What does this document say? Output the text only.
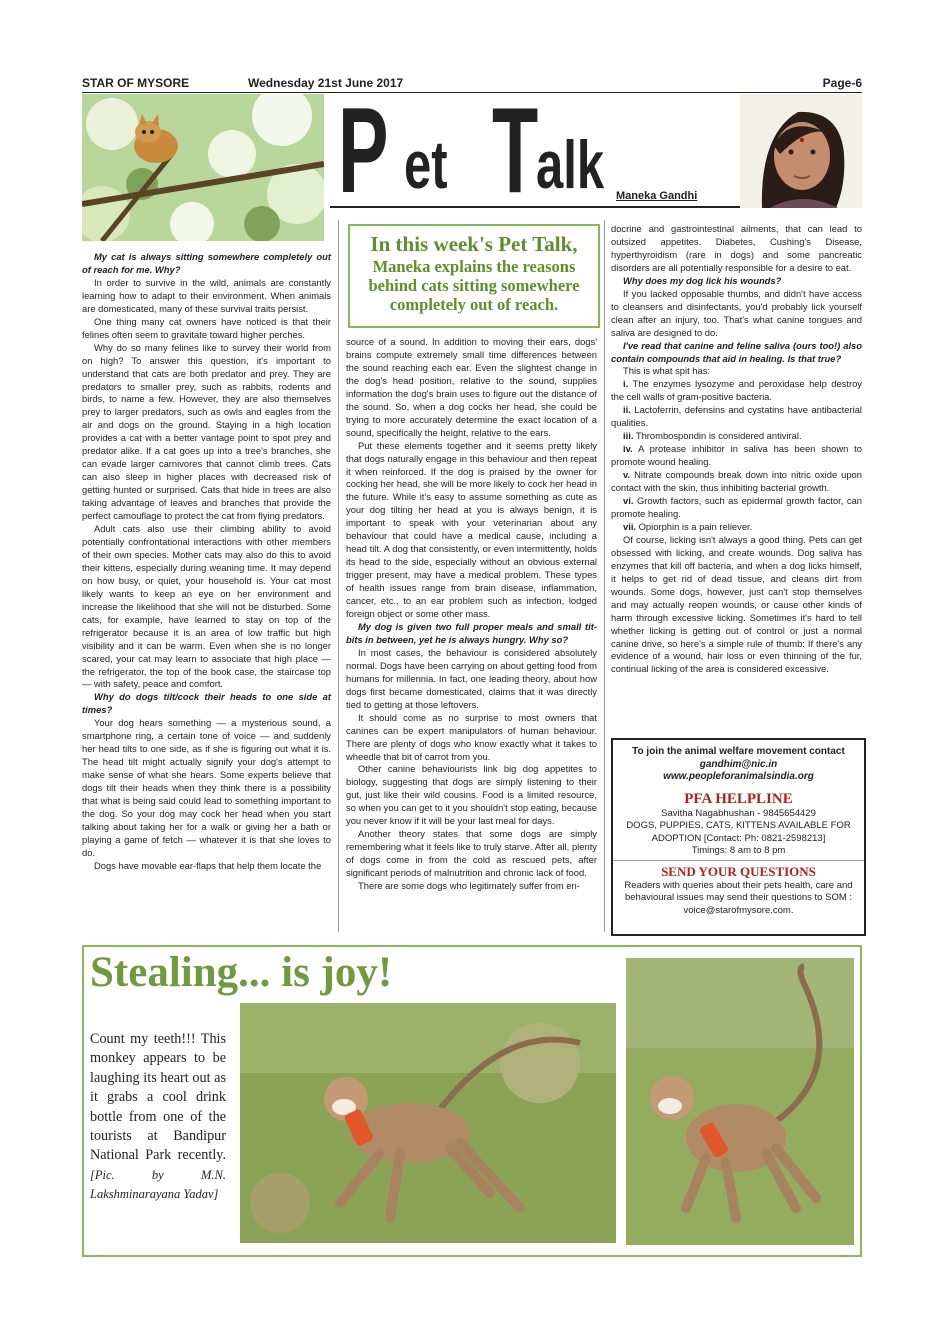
STAR OF MYSORE	Wednesday 21st June 2017	Page-6
P et T
alk Maneka Gandhi
In this week's Pet Talk,
Maneka explains the reasons behind cats sitting somewhere completely out of reach.

My cat is always sitting somewhere completely out of reach for me. Why?

In order to survive in the wild, animals are constantly learning how to adapt to their environment. When animals are domesticated, many of these survival traits persist.

One thing many cat owners have noticed is that their felines often seem to gravitate toward higher perches.

Why do so many felines like to survey their world from on high? To answer this question, it's important to understand that cats are both predator and prey. They are predators to smaller prey, such as rabbits, rodents and birds, to name a few. However, they are also themselves prey to larger predators, such as owls and eagles from the air and dogs on the ground. Staying in a high location provides a cat with a better vantage point to spot prey and predator alike. If a cat goes up into a tree's branches, she can evade larger carnivores that cannot climb trees. Cats can also sleep in higher places with decreased risk of getting hunted or surprised. Cats that hide in trees are also taking advantage of leaves and branches that provide the perfect camouflage to protect the cat from flying predators.

Adult cats also use their climbing ability to avoid potentially confrontational interactions with other members of their own species. Mother cats may also do this to avoid their kittens, especially during weaning time. It may depend on how busy, or quiet, your household is. Your cat most likely wants to keep an eye on her environment and increase the likelihood that she will not be disturbed. Some cats, for example, have learned to stay on top of the refrigerator because it is an area of low traffic but high visibility and it can be warm. Even when she is no longer scared, your cat may learn to associate that high place — the refrigerator, the top of the book case, the staircase top — with safety, peace and comfort.

Why do dogs tilt/cock their heads to one side at times?

Your dog hears something — a mysterious sound, a smartphone ring, a certain tone of voice — and suddenly her head tilts to one side, as if she is figuring out what it is. The head tilt might actually signify your dog's attempt to make sense of what she hears. Some experts believe that dogs tilt their heads when they think there is a possibility that what is being said could lead to something important to the dog. So your dog may cock her head when you start talking about taking her for a walk or giving her a bath or playing a game of fetch — whatever it is that she loves to do.

Dogs have movable ear-flaps that help them locate the

source of a sound. In addition to moving their ears, dogs' brains compute extremely small time differences between the sound reaching each ear. Even the slightest change in the dog's head position, relative to the sound, supplies information the dog's brain uses to figure out the distance of the sound. So, when a dog cocks her head, she could be trying to more accurately determine the exact location of a sound, specifically the height, relative to the ears.

Put these elements together and it seems pretty likely that dogs naturally engage in this behaviour and then repeat it when reinforced. If the dog is praised by the owner for cocking her head, she will be more likely to cock her head in the future. While it's easy to assume something as cute as your dog tilting her head at you is always benign, it is important to speak with your veterinarian about any behaviour that could have a medical cause, including a head tilt. A dog that consistently, or even intermittently, holds its head to the side, especially without an obvious external trigger present, may have a medical problem. These types of health issues range from brain disease, inflammation, cancer, etc., to an ear problem such as infection, lodged foreign object or some other mass.

My dog is given two full proper meals and small tit-bits in between, yet he is always hungry. Why so?

In most cases, the behaviour is considered absolutely normal. Dogs have been carrying on about getting food from humans for millennia. In fact, one leading theory, about how dogs first became domesticated, claims that it was directly tied to getting at those leftovers.

It should come as no surprise to most owners that canines can be expert manipulators of human behaviour. There are plenty of dogs who know exactly what it takes to wheedle that bit of carrot from you.

Other canine behaviourists link big dog appetites to biology, suggesting that dogs are simply listening to their gut, just like their wild cousins. Food is a limited resource, so when you can get to it you shouldn't stop eating, because you never know if it will be your last meal for days.

Another theory states that some dogs are simply remembering what it feels like to truly starve. After all, plenty of dogs come in from the cold as rescued pets, after significant periods of malnutrition and chronic lack of food.

There are some dogs who legitimately suffer from en-

docrine and gastrointestinal ailments, that can lead to outsized appetites. Diabetes, Cushing's Disease, hyperthyroidism (rare in dogs) and some pancreatic disorders are all potentially responsible for a desire to eat.

Why does my dog lick his wounds?

If you lacked opposable thumbs, and didn't have access to cleansers and disinfectants, you'd probably lick yourself clean after an injury, too. That's what canine tongues and saliva are designed to do.

I've read that canine and feline saliva (ours too!) also contain compounds that aid in healing. Is that true?

This is what spit has:

i. The enzymes lysozyme and peroxidase help destroy the cell walls of gram-positive bacteria.

ii. Lactoferrin, defensins and cystatins have antibacterial qualities.

iii. Thrombospondin is considered antiviral.

iv. A protease inhibitor in saliva has been shown to promote wound healing.

v. Nitrate compounds break down into nitric oxide upon contact with the skin, thus inhibiting bacterial growth.

vi. Growth factors, such as epidermal growth factor, can promote healing.

vii. Opiorphin is a pain reliever.

Of course, licking isn't always a good thing. Pets can get obsessed with licking, and create wounds. Dog saliva has enzymes that kill off bacteria, and when a dog licks himself, it helps to get rid of dead tissue, and cleans dirt from wounds. Some dogs, however, just can't stop themselves and may actually reopen wounds, or cause other kinds of harm through excessive licking. Sometimes it's hard to tell whether licking is getting out of control or just a normal canine drive, so here's a simple rule of thumb: If there's any evidence of a wound, hair loss or even thinning of the fur, continual licking of the area is considered excessive.

To join the animal welfare movement contact
gandhim@nic.in
www.peopleforanimalsindia.org
PFA HELPLINE
Savitha Nagabhushan - 9845654429
DOGS, PUPPIES, CATS, KITTENS AVAILABLE FOR ADOPTION [Contact: Ph: 0821-2598213]
Timings: 8 am to 8 pm
SEND YOUR QUESTIONS
Readers with queries about their pets health, care and behavioural issues may send their questions to SOM : voice@starofmysore.com.
Stealing... is joy!
Count my teeth!!! This monkey appears to be laughing its heart out as it grabs a cool drink bottle from one of the tourists at Bandipur National Park recently. [Pic. by M.N. Lakshminarayana Yadav]
